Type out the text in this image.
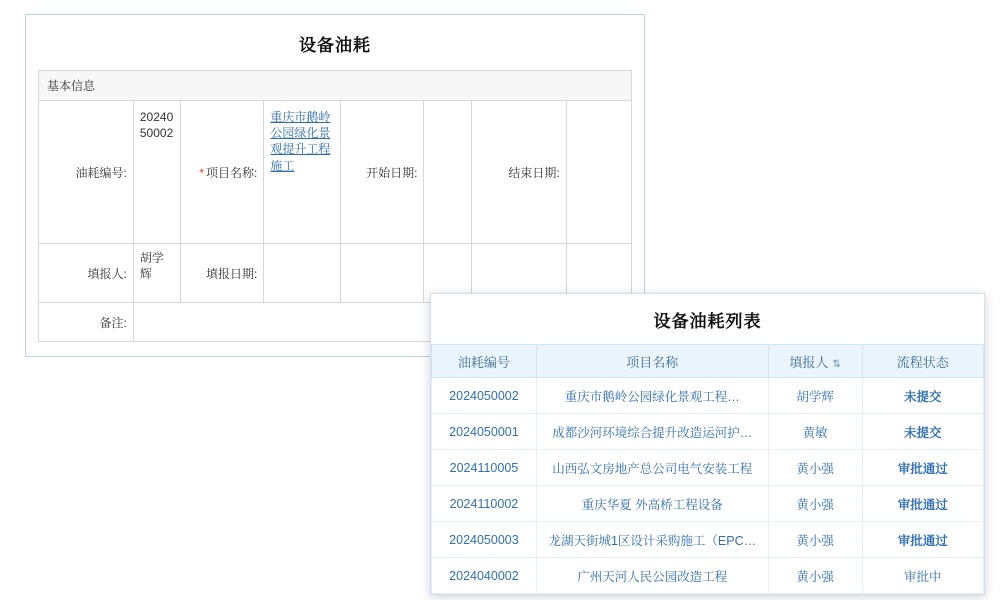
设备油耗
基本信息
油耗编号:	2024050002	* 项目名称:	重庆市鹅岭公园绿化景观提升工程施工	开始日期:		结束日期:	
填报人:	胡学辉	填报日期:					
备注:								设备油耗列表
油耗编号	项目名称	填报人 ⇅	流程状态
2024050002	重庆市鹅岭公园绿化景观工程…	胡学辉	未提交
2024050001	成都沙河环境综合提升改造运河护…	黄敏	未提交
2024110005	山西弘文房地产总公司电气安装工程	黄小强	审批通过
2024110002	重庆华夏 外高桥工程设备	黄小强	审批通过
2024050003	龙湖天街城1区设计采购施工（EPC…	黄小强	审批通过
2024040002	广州天河人民公园改造工程	黄小强	审批中
